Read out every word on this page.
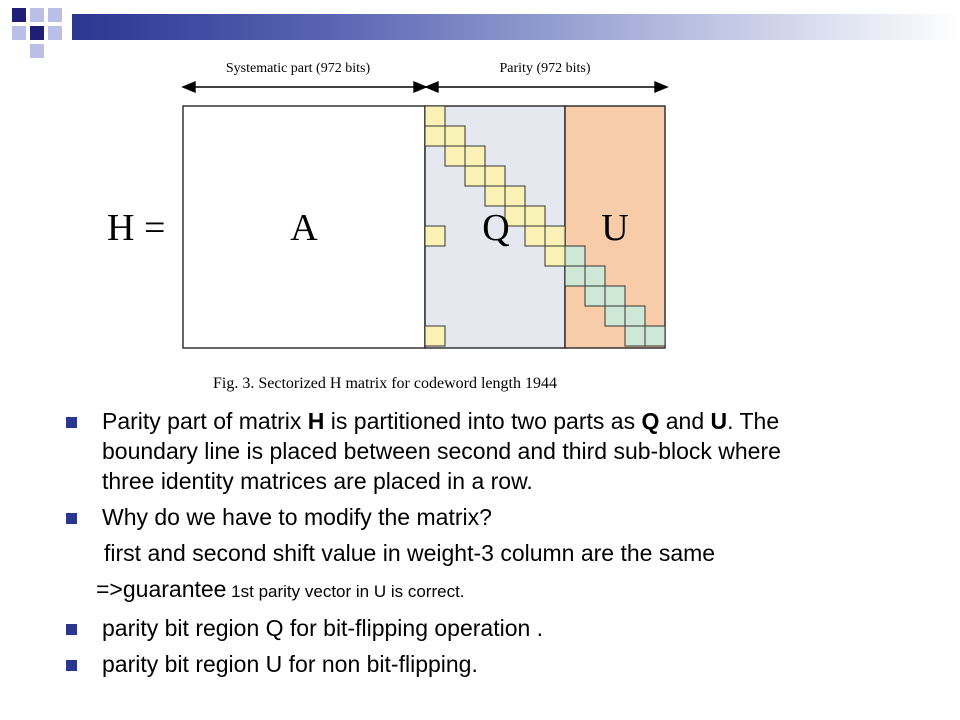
Systematic part (972 bits)	Parity (972 bits)
H =	A	Q U
Fig. 3. Sectorized H matrix for codeword length 1944
Parity part of matrix H is partitioned into two parts as Q and U. The
boundary line is placed between second and third sub-block where
three identity matrices are placed in a row.
Why do we have to modify the matrix?
first and second shift value in weight-3 column are the same
=>guarantee 1st parity vector in U is correct.
parity bit region Q for bit-flipping operation .
parity bit region U for non bit-flipping.
